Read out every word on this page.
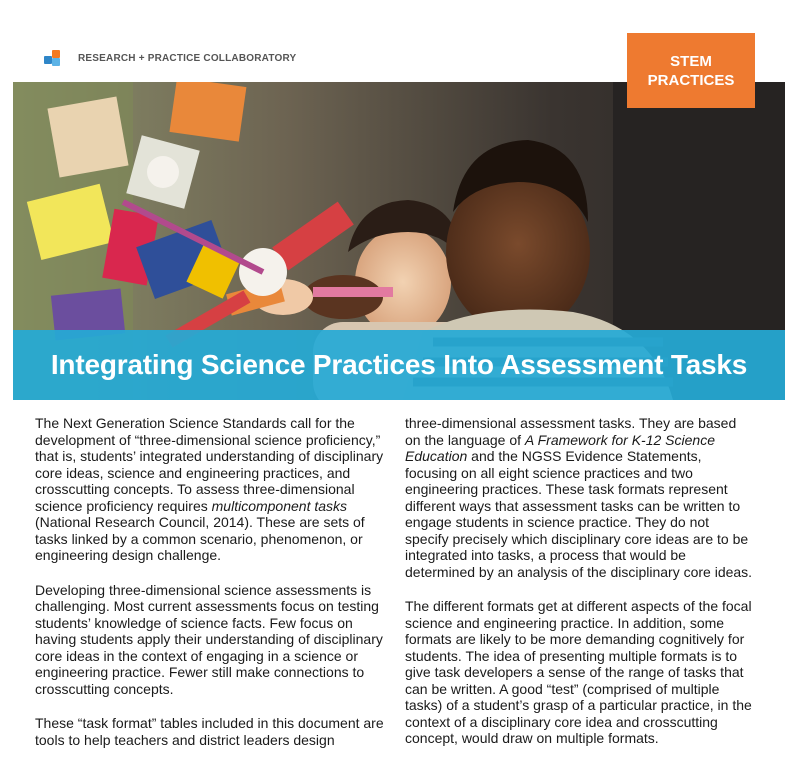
RESEARCH + PRACTICE COLLABORATORY	STEM
PRACTICES
Integrating Science Practices Into Assessment Tasks

The Next Generation Science Standards call for the development of “three-dimensional science proficiency,” that is, students’ integrated understanding of disciplinary core ideas, science and engineering practices, and crosscutting concepts. To assess three-dimensional science proficiency requires multicomponent tasks (National Research Council, 2014). These are sets of tasks linked by a common scenario, phenomenon, or engineering design challenge.

Developing three-dimensional science assessments is challenging. Most current assessments focus on testing students’ knowledge of science facts. Few focus on having students apply their understanding of disciplinary core ideas in the context of engaging in a science or engineering practice. Fewer still make connections to crosscutting concepts.

These “task format” tables included in this document are tools to help teachers and district leaders design

three-dimensional assessment tasks. They are based on the language of A Framework for K-12 Science Education and the NGSS Evidence Statements, focusing on all eight science practices and two engineering practices. These task formats represent different ways that assessment tasks can be written to engage students in science practice. They do not specify precisely which disciplinary core ideas are to be integrated into tasks, a process that would be determined by an analysis of the disciplinary core ideas.

The different formats get at different aspects of the focal science and engineering practice. In addition, some formats are likely to be more demanding cognitively for students. The idea of presenting multiple formats is to give task developers a sense of the range of tasks that can be written. A good “test” (comprised of multiple tasks) of a student’s grasp of a particular practice, in the context of a disciplinary core idea and crosscutting concept, would draw on multiple formats.
